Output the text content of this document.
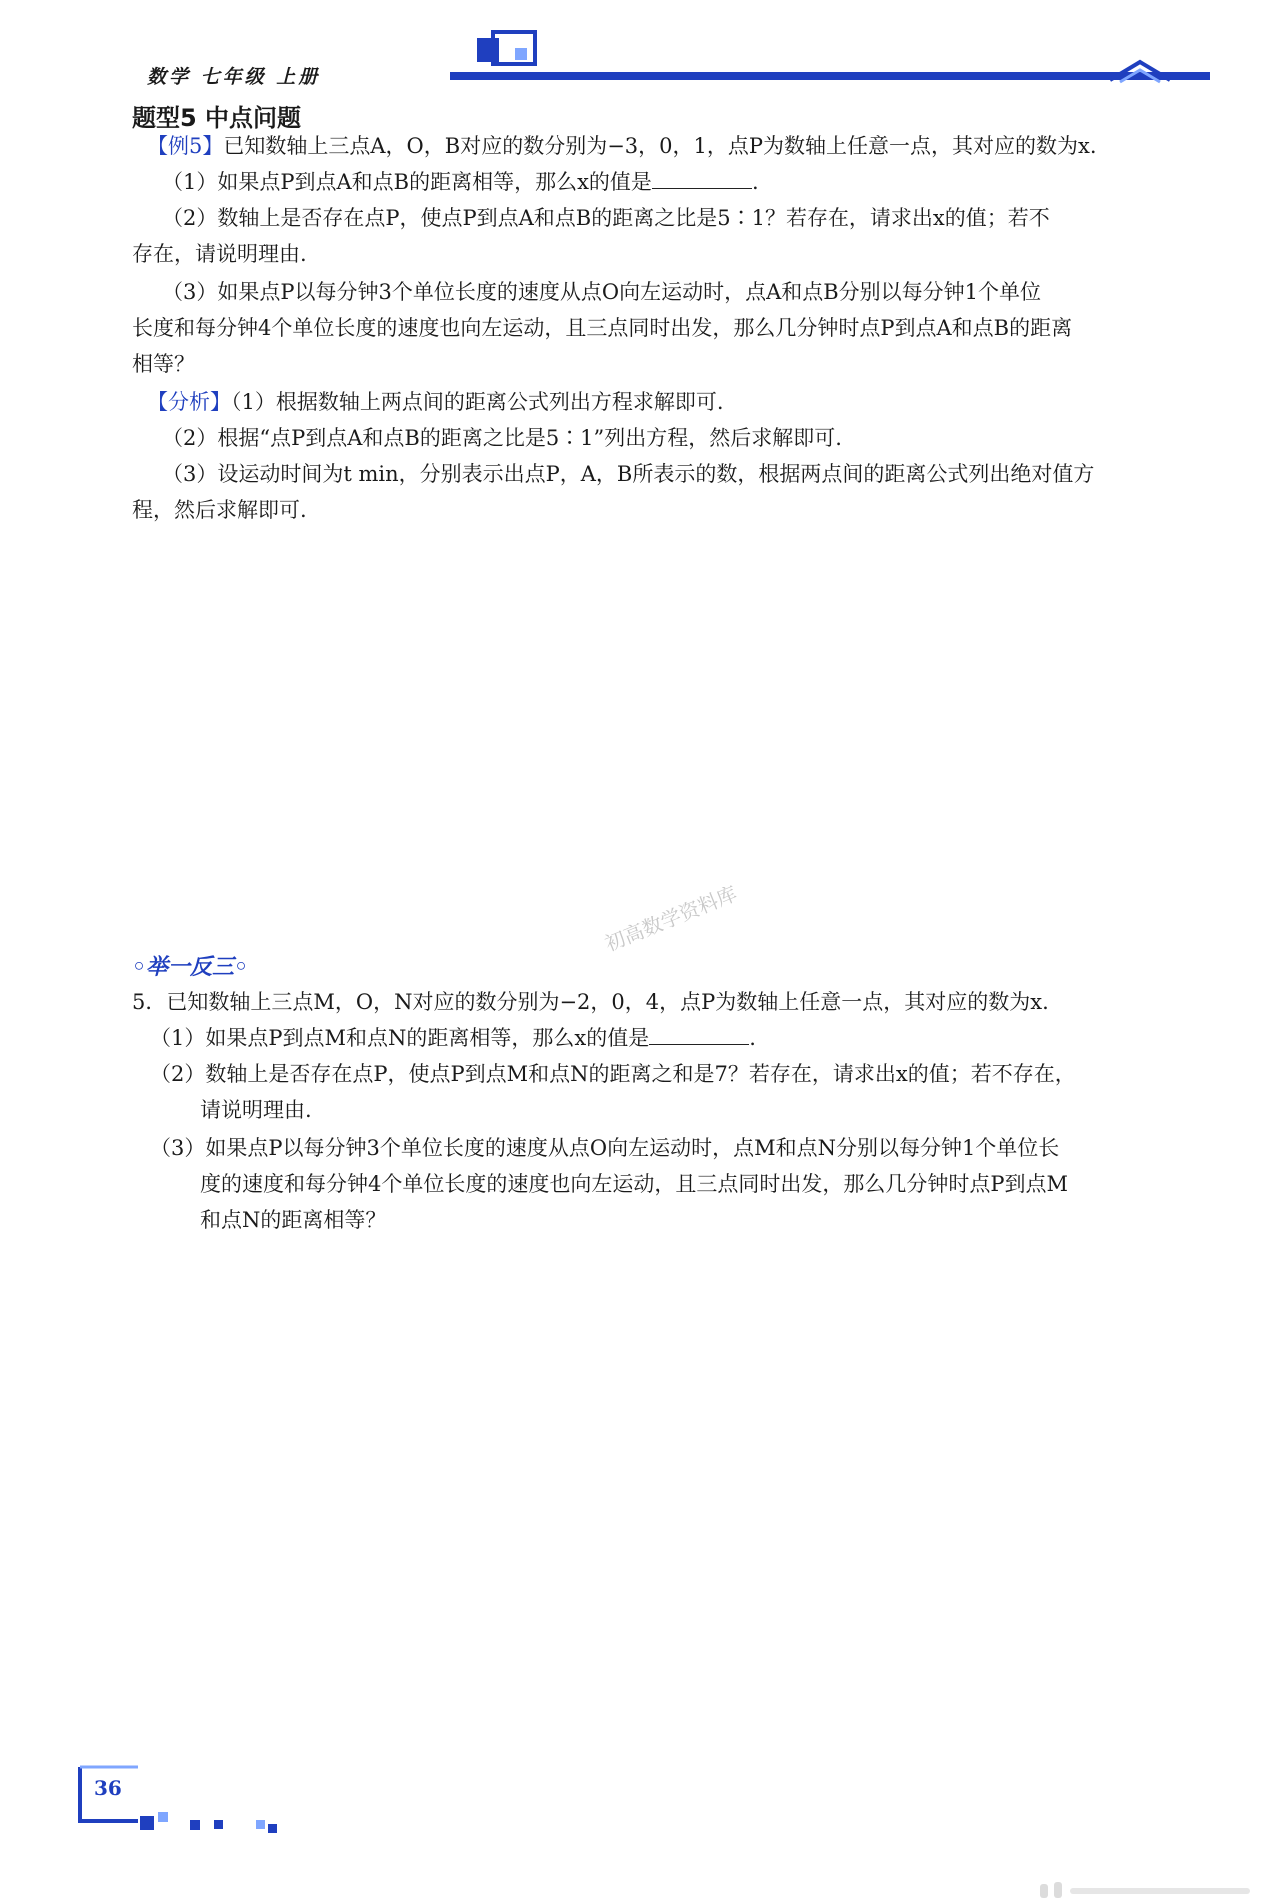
数学 七年级 上册
题型5 中点问题

【例5】已知数轴上三点A，O，B对应的数分别为−3，0，1，点P为数轴上任意一点，其对应的数为x.

（1）如果点P到点A和点B的距离相等，那么x的值是	.

（2）数轴上是否存在点P，使点P到点A和点B的距离之比是5∶1？若存在，请求出x的值；若不

存在，请说明理由.

（3）如果点P以每分钟3个单位长度的速度从点O向左运动时，点A和点B分别以每分钟1个单位

长度和每分钟4个单位长度的速度也向左运动，且三点同时出发，那么几分钟时点P到点A和点B的距离

相等？

【分析】（1）根据数轴上两点间的距离公式列出方程求解即可.

（2）根据“点P到点A和点B的距离之比是5∶1”列出方程，然后求解即可.

（3）设运动时间为t min，分别表示出点P，A，B所表示的数，根据两点间的距离公式列出绝对值方

程，然后求解即可.

初高数学资料库
◦举一反三◦

5．已知数轴上三点M，O，N对应的数分别为−2，0，4，点P为数轴上任意一点，其对应的数为x.

（1）如果点P到点M和点N的距离相等，那么x的值是	.

（2）数轴上是否存在点P，使点P到点M和点N的距离之和是7？若存在，请求出x的值；若不存在，

请说明理由.

（3）如果点P以每分钟3个单位长度的速度从点O向左运动时，点M和点N分别以每分钟1个单位长

度的速度和每分钟4个单位长度的速度也向左运动，且三点同时出发，那么几分钟时点P到点M

和点N的距离相等？

36
